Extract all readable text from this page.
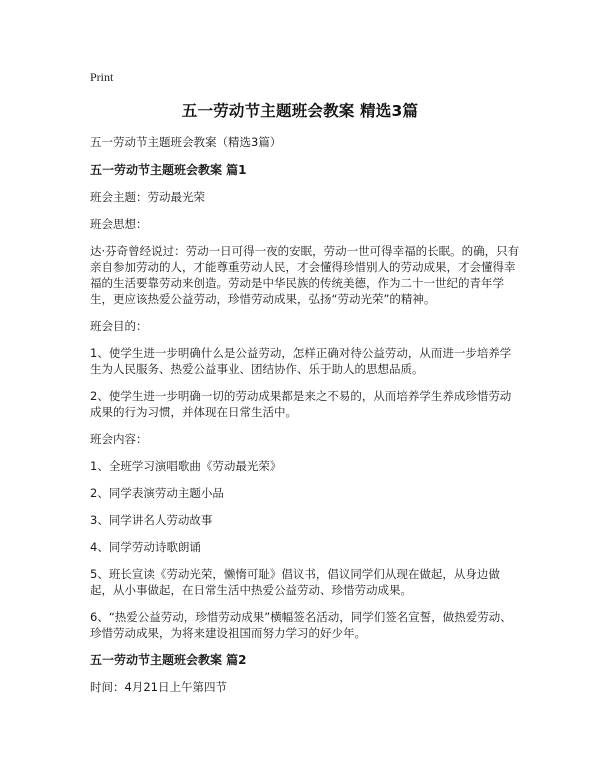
Print
五一劳动节主题班会教案 精选3篇

五一劳动节主题班会教案（精选3篇）

五一劳动节主题班会教案 篇1

班会主题：劳动最光荣

班会思想：

达·芬奇曾经说过：劳动一日可得一夜的安眠，劳动一世可得幸福的长眠。的确，只有亲自参加劳动的人，才能尊重劳动人民，才会懂得珍惜别人的劳动成果，才会懂得幸福的生活要靠劳动来创造。劳动是中华民族的传统美德，作为二十一世纪的青年学生，更应该热爱公益劳动，珍惜劳动成果，弘扬“劳动光荣”的精神。

班会目的：

1、使学生进一步明确什么是公益劳动，怎样正确对待公益劳动，从而进一步培养学生为人民服务、热爱公益事业、团结协作、乐于助人的思想品质。

2、使学生进一步明确一切的劳动成果都是来之不易的，从而培养学生养成珍惜劳动成果的行为习惯，并体现在日常生活中。

班会内容：

1、全班学习演唱歌曲《劳动最光荣》

2、同学表演劳动主题小品

3、同学讲名人劳动故事

4、同学劳动诗歌朗诵

5、班长宣读《劳动光荣，懒惰可耻》倡议书，倡议同学们从现在做起，从身边做起，从小事做起，在日常生活中热爱公益劳动、珍惜劳动成果。

6、“热爱公益劳动，珍惜劳动成果”横幅签名活动，同学们签名宣誓，做热爱劳动、珍惜劳动成果，为将来建设祖国而努力学习的好少年。

五一劳动节主题班会教案 篇2

时间：4月21日上午第四节
